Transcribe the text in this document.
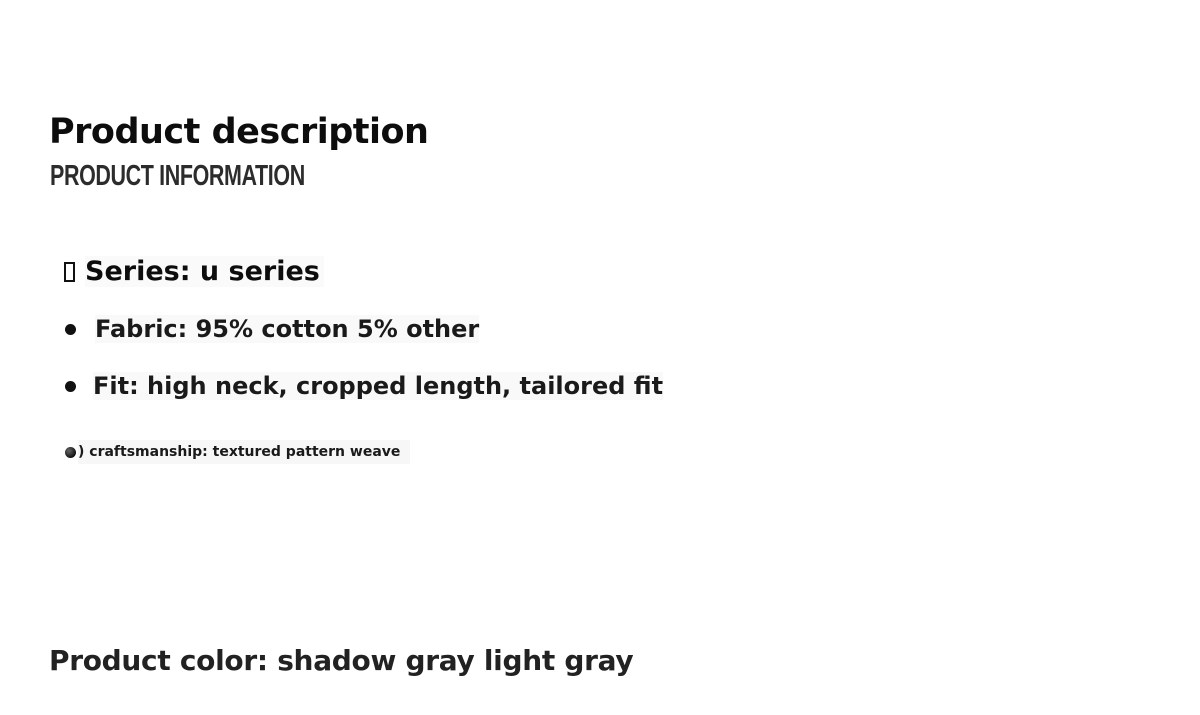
Product description
PRODUCT INFORMATION
Series: u series
Fabric: 95% cotton 5% other
Fit: high neck, cropped length, tailored fit
) craftsmanship: textured pattern weave

Product color: shadow gray light gray
